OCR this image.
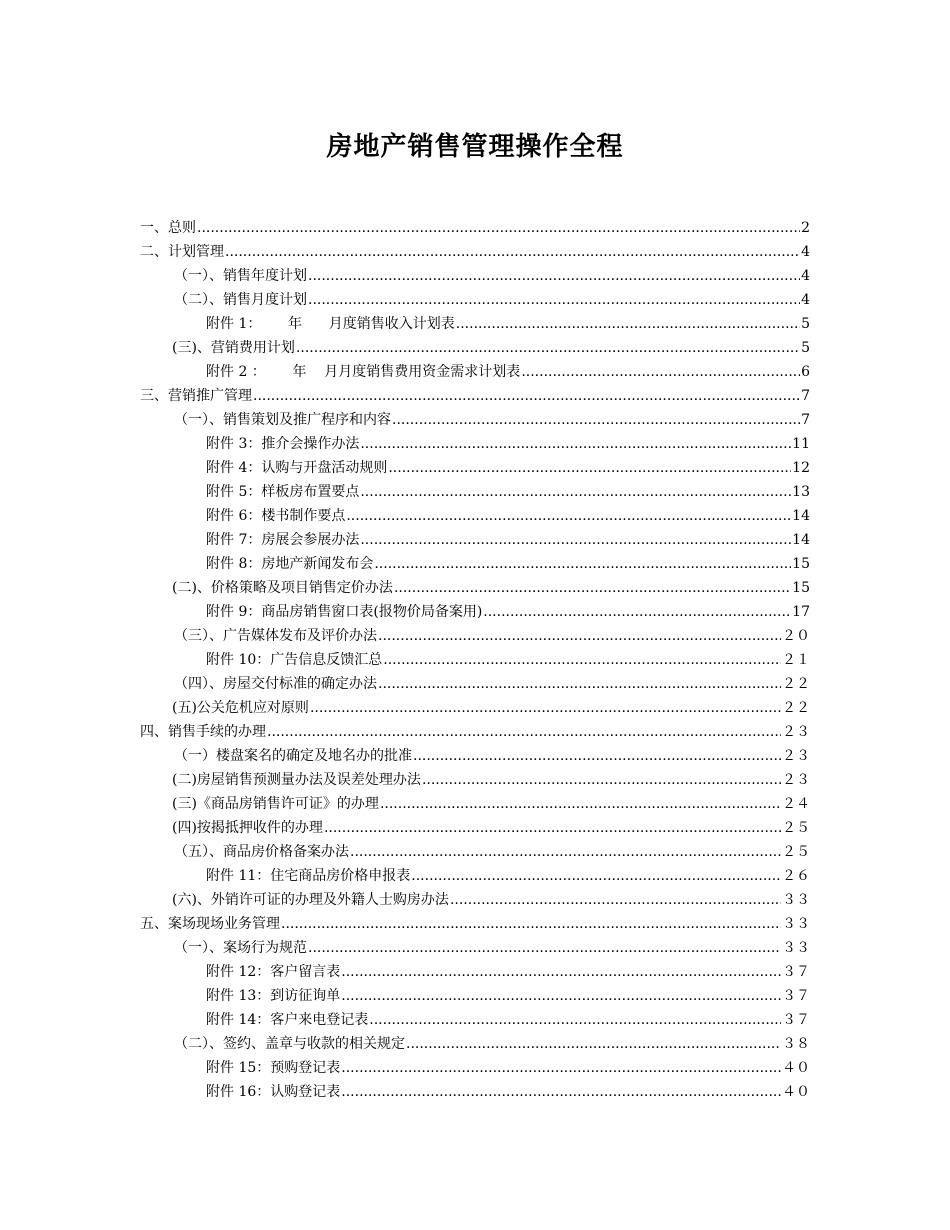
房地产销售管理操作全程
一、总则 .....	2
二、计划管理 .....	4
（一）、销售年度计划 .....	4
（二）、销售月度计划 .....	4
附件 1：      年      月度销售收入计划表 .....	5
(三)、营销费用计划 .....	5
附件 2 ：      年    月月度销售费用资金需求计划表 .....	6
三、营销推广管理 .....	7
（一）、销售策划及推广程序和内容 .....	7
附件 3：推介会操作办法 .....	11
附件 4：认购与开盘活动规则 .....	12
附件 5：样板房布置要点 .....	13
附件 6：楼书制作要点 .....	14
附件 7：房展会参展办法 .....	14
附件 8：房地产新闻发布会 .....	15
(二)、价格策略及项目销售定价办法 .....	15
附件 9：商品房销售窗口表(报物价局备案用) .....	17
（三）、广告媒体发布及评价办法 .....	２０
附件 10：广告信息反馈汇总 .....	２１
（四）、房屋交付标准的确定办法 .....	２２
(五)公关危机应对原则 .....	２２
四、销售手续的办理 .....	２３
（一）楼盘案名的确定及地名办的批准 .....	２３
(二)房屋销售预测量办法及误差处理办法 .....	２３
(三)《商品房销售许可证》的办理 .....	２４
(四)按揭抵押收件的办理 .....	２５
（五）、商品房价格备案办法 .....	２５
附件 11：住宅商品房价格申报表 .....	２６
(六)、外销许可证的办理及外籍人士购房办法 .....	３３
五、案场现场业务管理 .....	３３
（一）、案场行为规范 .....	３３
附件 12：客户留言表 .....	３７
附件 13：到访征询单 .....	３７
附件 14：客户来电登记表 .....	３７
（二）、签约、盖章与收款的相关规定 .....	３８
附件 15：预购登记表 .....	４０
附件 16：认购登记表 .....	４０
